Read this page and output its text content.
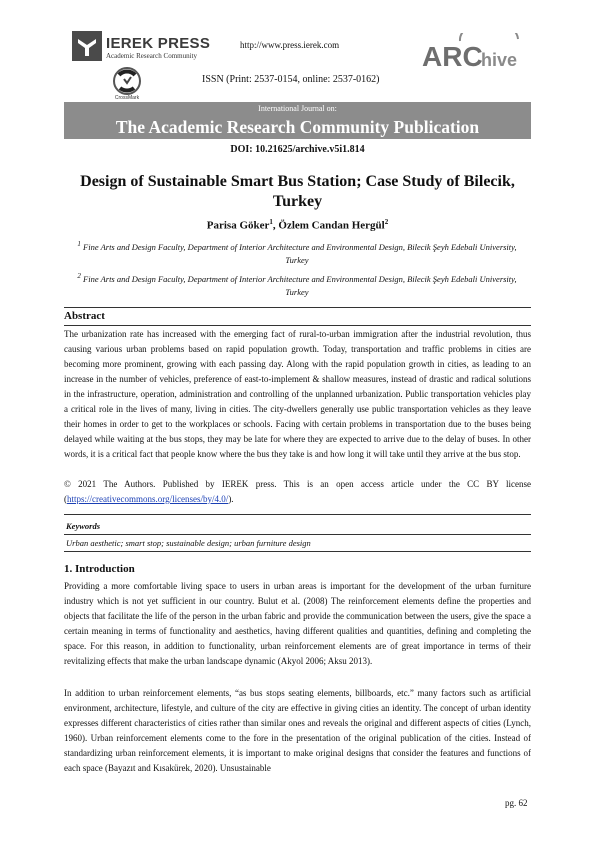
IEREK PRESS
Academic Research Community
CrossMark
http://www.press.ierek.com
ISSN (Print: 2537-0154, online: 2537-0162)
ARC
hive
International Journal on:
The Academic Research Community Publication
DOI: 10.21625/archive.v5i1.814
Design of Sustainable Smart Bus Station; Case Study of Bilecik, Turkey
Parisa Göker$^1$, Özlem Candan Hergül$^2$
$^1$ Fine Arts and Design Faculty, Department of Interior Architecture and Environmental Design, Bilecik Şeyh Edebali University, Turkey
$^2$ Fine Arts and Design Faculty, Department of Interior Architecture and Environmental Design, Bilecik Şeyh Edebali University, Turkey
Abstract
The urbanization rate has increased with the emerging fact of rural-to-urban immigration after the industrial revolution, thus causing various urban problems based on rapid population growth. Today, transportation and traffic problems in cities are becoming more prominent, growing with each passing day. Along with the rapid population growth in cities, as leading to an increase in the number of vehicles, preference of east-to-implement & shallow measures, instead of drastic and radical solutions in the infrastructure, operation, administration and controlling of the unplanned urbanization. Public transportation vehicles play a critical role in the lives of many, living in cities. The city-dwellers generally use public transportation vehicles as they leave their homes in order to get to the workplaces or schools. Facing with certain problems in transportation due to the buses being delayed while waiting at the bus stops, they may be late for where they are expected to arrive due to the delay of buses. In other words, it is a critical fact that people know where the bus they take is and how long it will take until they arrive at the bus stop.
© 2021 The Authors. Published by IEREK press. This is an open access article under the CC BY license (https://creativecommons.org/licenses/by/4.0/).
Keywords
Urban aesthetic; smart stop; sustainable design; urban furniture design
1. Introduction
Providing a more comfortable living space to users in urban areas is important for the development of the urban furniture industry which is not yet sufficient in our country. Bulut et al. (2008) The reinforcement elements define the properties and objects that facilitate the life of the person in the urban fabric and provide the communication between the users, give the space a certain meaning in terms of functionality and aesthetics, having different qualities and quantities, defining and completing the space. For this reason, in addition to functionality, urban reinforcement elements are of great importance in terms of their revitalizing effects that make the urban landscape dynamic (Akyol 2006; Aksu 2013).
In addition to urban reinforcement elements, “as bus stops seating elements, billboards, etc.” many factors such as artificial environment, architecture, lifestyle, and culture of the city are effective in giving cities an identity. The concept of urban identity expresses different characteristics of cities rather than similar ones and reveals the original and different aspects of cities (Lynch, 1960). Urban reinforcement elements come to the fore in the presentation of the original publication of the cities. Instead of standardizing urban reinforcement elements, it is important to make original designs that consider the features and functions of each space (Bayazıt and Kısakürek, 2020). Unsustainable
pg. 62
